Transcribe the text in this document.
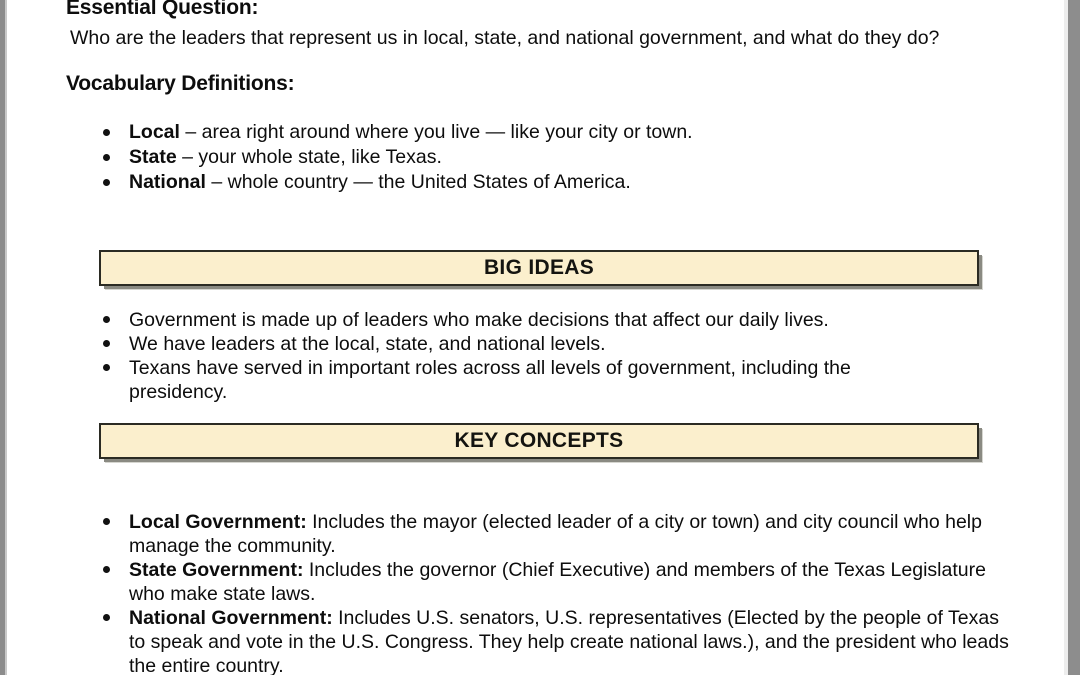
Essential Question:
Who are the leaders that represent us in local, state, and national government, and what do they do?
Vocabulary Definitions:
Local – area right around where you live — like your city or town.
State – your whole state, like Texas.
National – whole country — the United States of America.
BIG IDEAS
Government is made up of leaders who make decisions that affect our daily lives.
We have leaders at the local, state, and national levels.
Texans have served in important roles across all levels of government, including the presidency.
KEY CONCEPTS
Local Government: Includes the mayor (elected leader of a city or town) and city council who help manage the community.
State Government: Includes the governor (Chief Executive) and members of the Texas Legislature who make state laws.
National Government: Includes U.S. senators, U.S. representatives (Elected by the people of Texas to speak and vote in the U.S. Congress. They help create national laws.), and the president who leads the entire country.
